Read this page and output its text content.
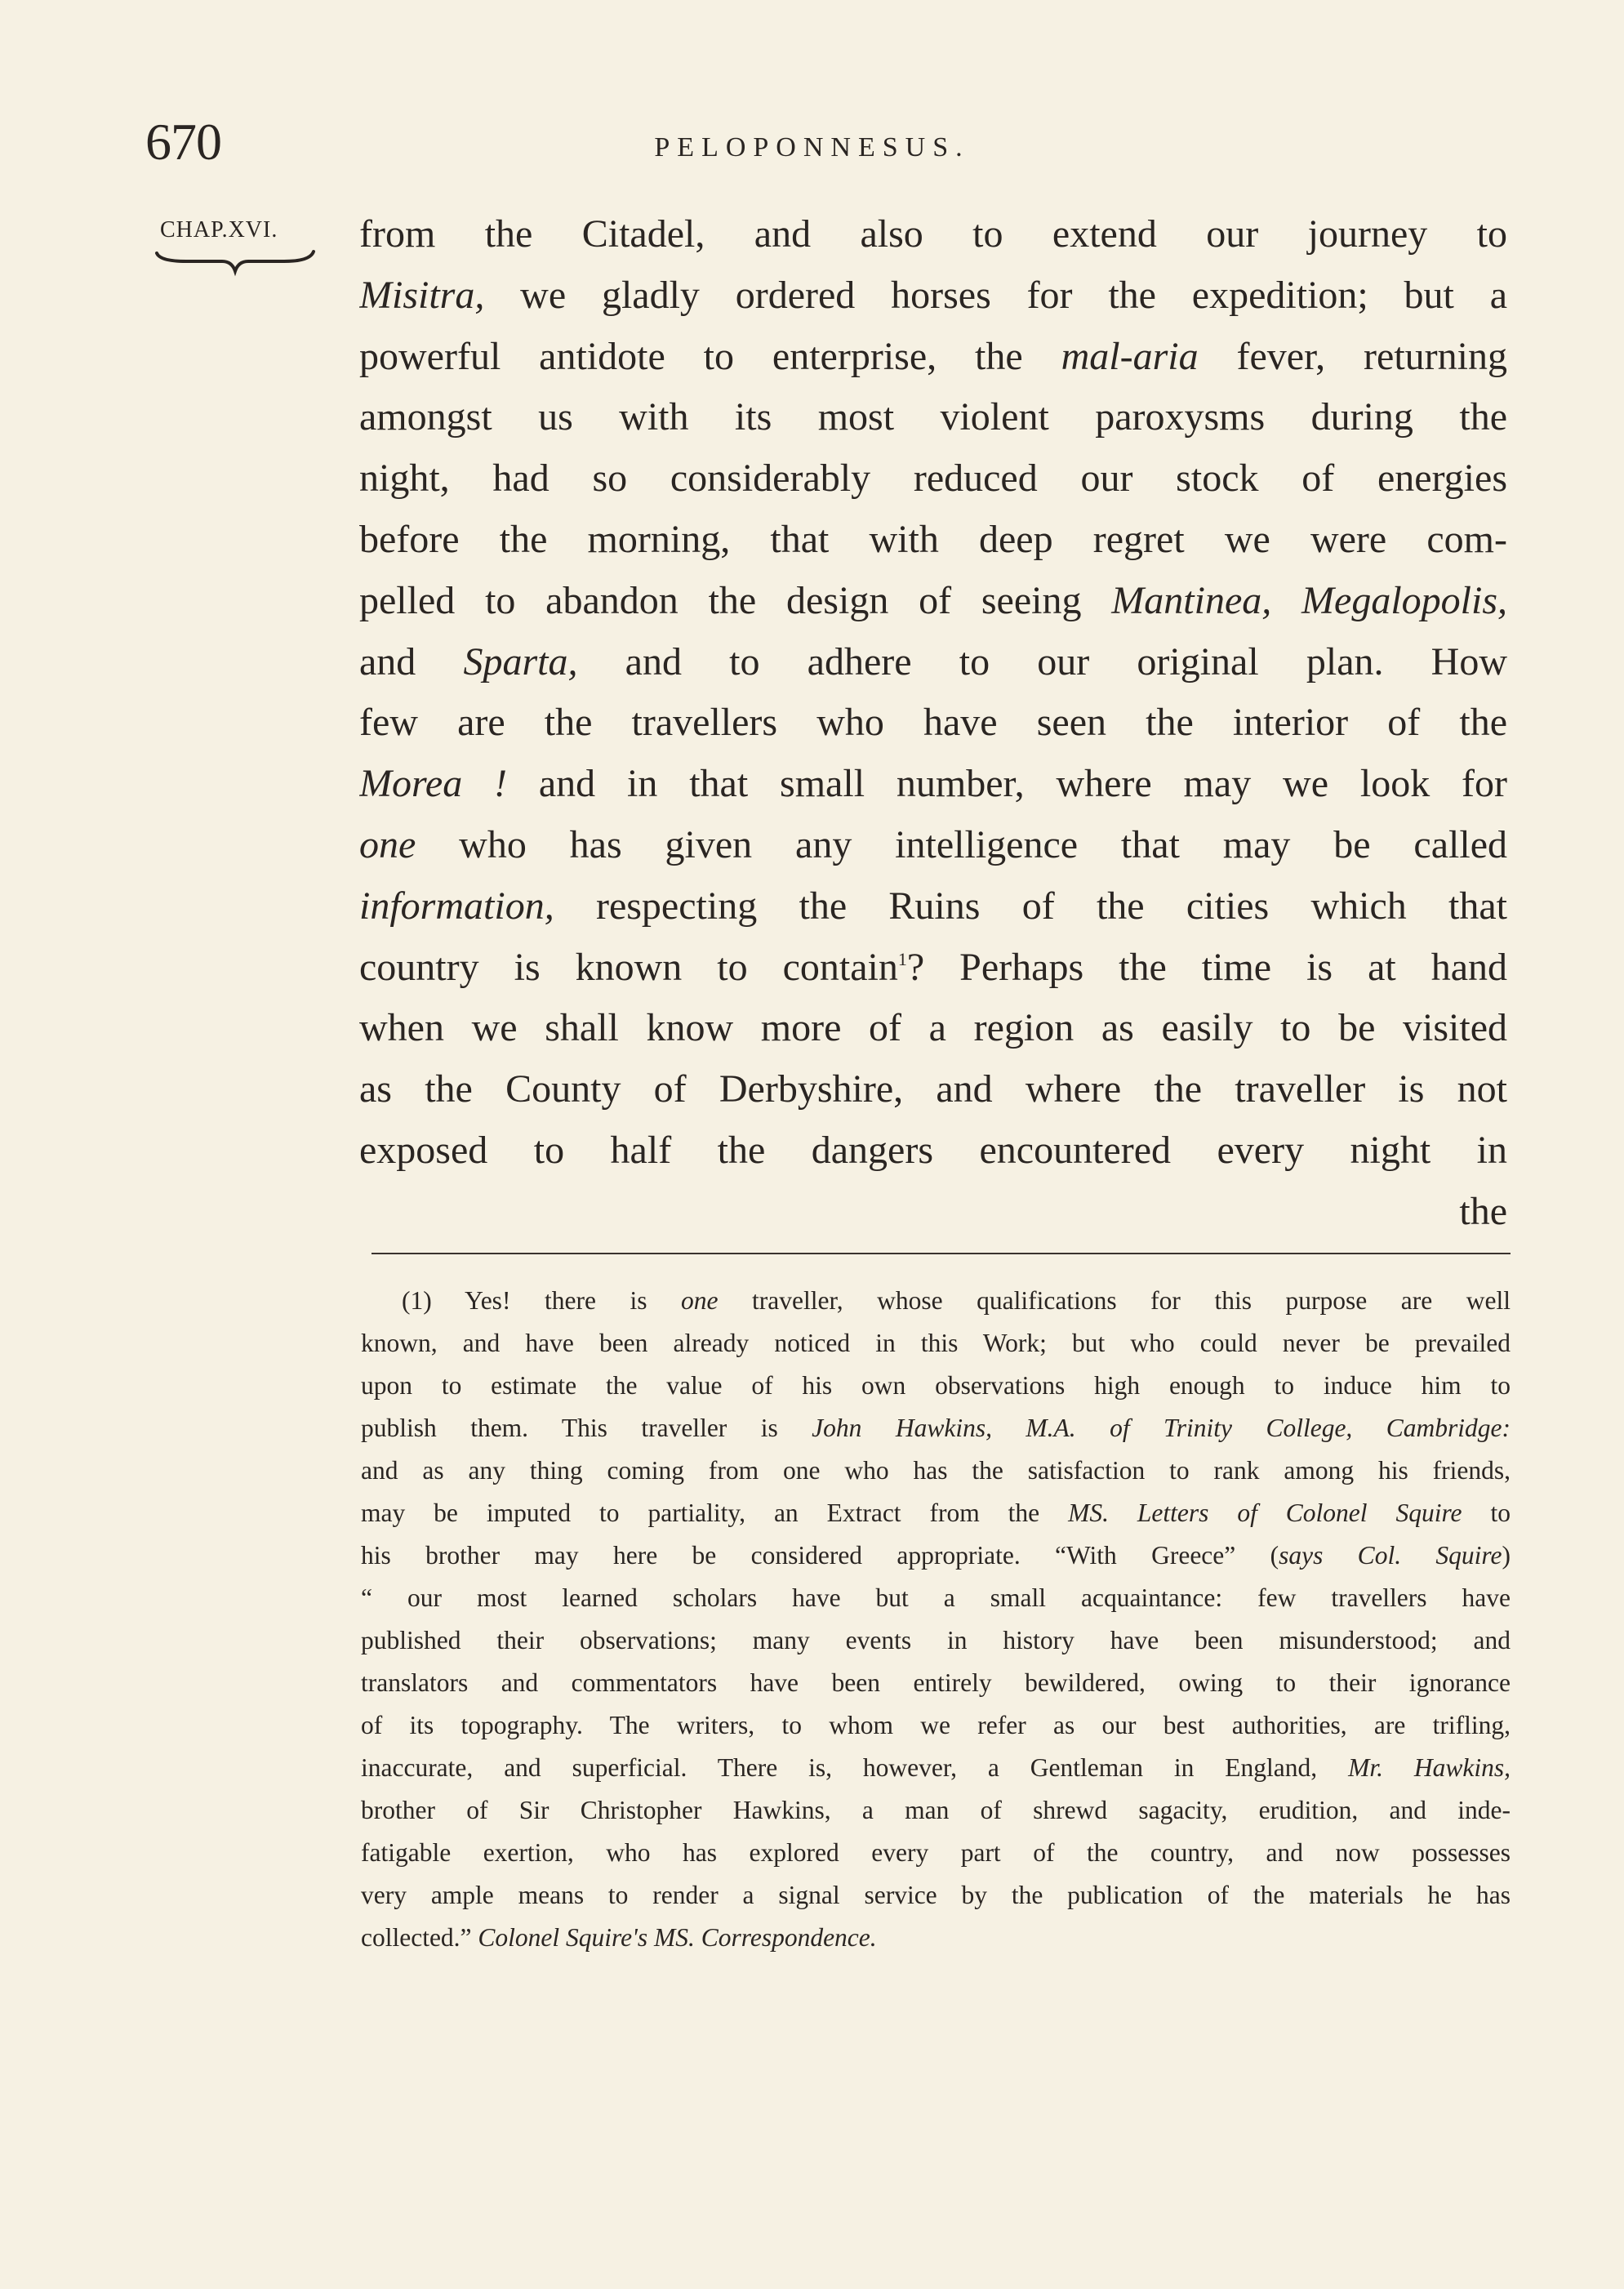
670	PELOPONNESUS.
CHAP.XVI. from the Citadel, and also to extend our journey to
Misitra, we gladly ordered horses for the expedition; but a
powerful antidote to enterprise, the mal-aria fever, returning
amongst us with its most violent paroxysms during the
night, had so considerably reduced our stock of energies
before the morning, that with deep regret we were com-
pelled to abandon the design of seeing Mantinea, Megalopolis,
and Sparta, and to adhere to our original plan. How
few are the travellers who have seen the interior of the
Morea ! and in that small number, where may we look for
one who has given any intelligence that may be called
information, respecting the Ruins of the cities which that
country is known to contain$^1$? Perhaps the time is at hand
when we shall know more of a region as easily to be visited
as the County of Derbyshire, and where the traveller is not
exposed to half the dangers encountered every night in
the
(1) Yes! there is one traveller, whose qualifications for this purpose are well
known, and have been already noticed in this Work; but who could never be prevailed
upon to estimate the value of his own observations high enough to induce him to
publish them. This traveller is John Hawkins, M.A. of Trinity College, Cambridge:
and as any thing coming from one who has the satisfaction to rank among his friends,
may be imputed to partiality, an Extract from the MS. Letters of Colonel Squire to
his brother may here be considered appropriate. “With Greece” (says Col. Squire)
“ our most learned scholars have but a small acquaintance: few travellers have
published their observations; many events in history have been misunderstood; and
translators and commentators have been entirely bewildered, owing to their ignorance
of its topography. The writers, to whom we refer as our best authorities, are trifling,
inaccurate, and superficial. There is, however, a Gentleman in England, Mr. Hawkins,
brother of Sir Christopher Hawkins, a man of shrewd sagacity, erudition, and inde-
fatigable exertion, who has explored every part of the country, and now possesses
very ample means to render a signal service by the publication of the materials he has
collected.” Colonel Squire's MS. Correspondence.
